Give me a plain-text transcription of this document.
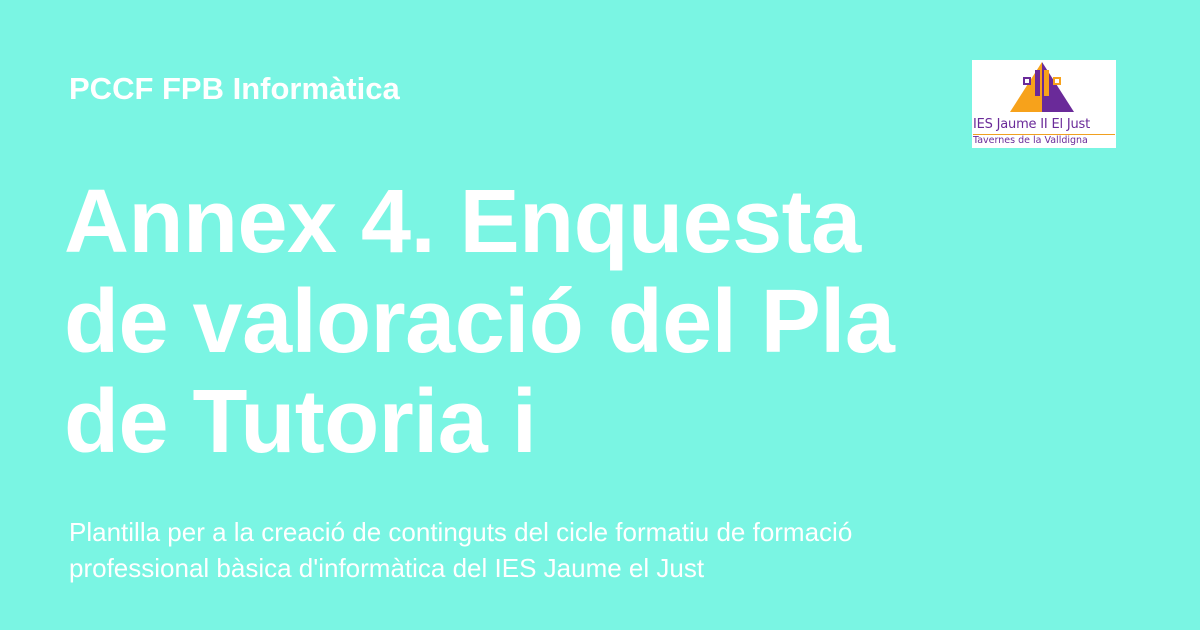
PCCF FPB Informàtica
Annex 4. Enquesta de valoració del Pla de Tutoria i
Plantilla per a la creació de continguts del cicle formatiu de formació professional bàsica d'informàtica del IES Jaume el Just
IES Jaume II El Just
Tavernes de la Valldigna
